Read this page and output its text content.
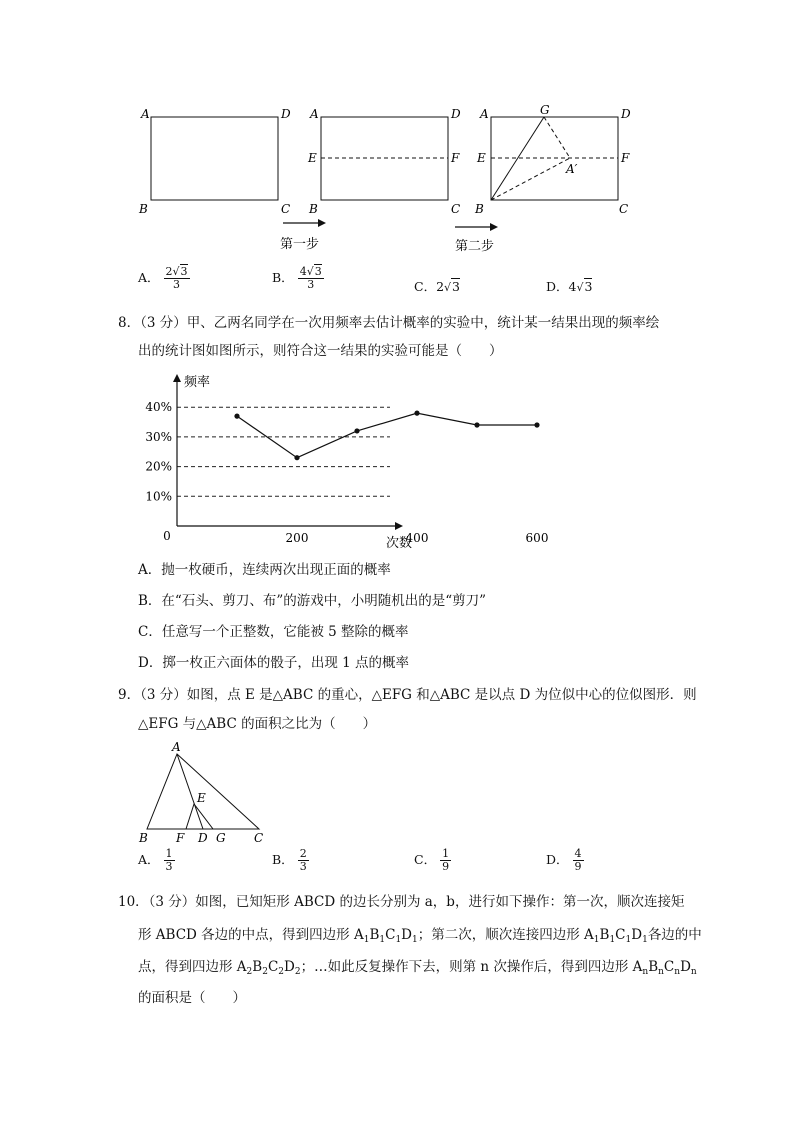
A	D
B	C
第一步
A	D
E	F
B	C
第二步
A	G	D
E	F
A′
B	C
A． $\frac{2√3}{3}$	B． $\frac{4√3}{3}$	C．2√3	D．4√3
8．（3 分）甲、乙两名同学在一次用频率去估计概率的实验中，统计某一结果出现的频率绘
出的统计图如图所示，则符合这一结果的实验可能是（　　）
10%
20%
30%
40%
频率
次数
0	200	400	600
A．抛一枚硬币，连续两次出现正面的概率
B．在“石头、剪刀、布”的游戏中，小明随机出的是“剪刀”
C．任意写一个正整数，它能被 5 整除的概率
D．掷一枚正六面体的骰子，出现 1 点的概率
9．（3 分）如图，点 E 是△ABC 的重心，△EFG 和△ABC 是以点 D 为位似中心的位似图形．则
△EFG 与△ABC 的面积之比为（　　）
A
E
B F D G C
A． $\frac{1}{3}$	B． $\frac{2}{3}$	C． $\frac{1}{9}$	D． $\frac{4}{9}$
10．（3 分）如图，已知矩形 ABCD 的边长分别为 a，b，进行如下操作：第一次，顺次连接矩
形 ABCD 各边的中点，得到四边形 $A_1B_1C_1D_1$；第二次，顺次连接四边形 $A_1B_1C_1D_1$各边的中
点，得到四边形 $A_2B_2C_2D_2$；…如此反复操作下去，则第 n 次操作后，得到四边形 $A_nB_nC_nD_n$
的面积是（　　）
